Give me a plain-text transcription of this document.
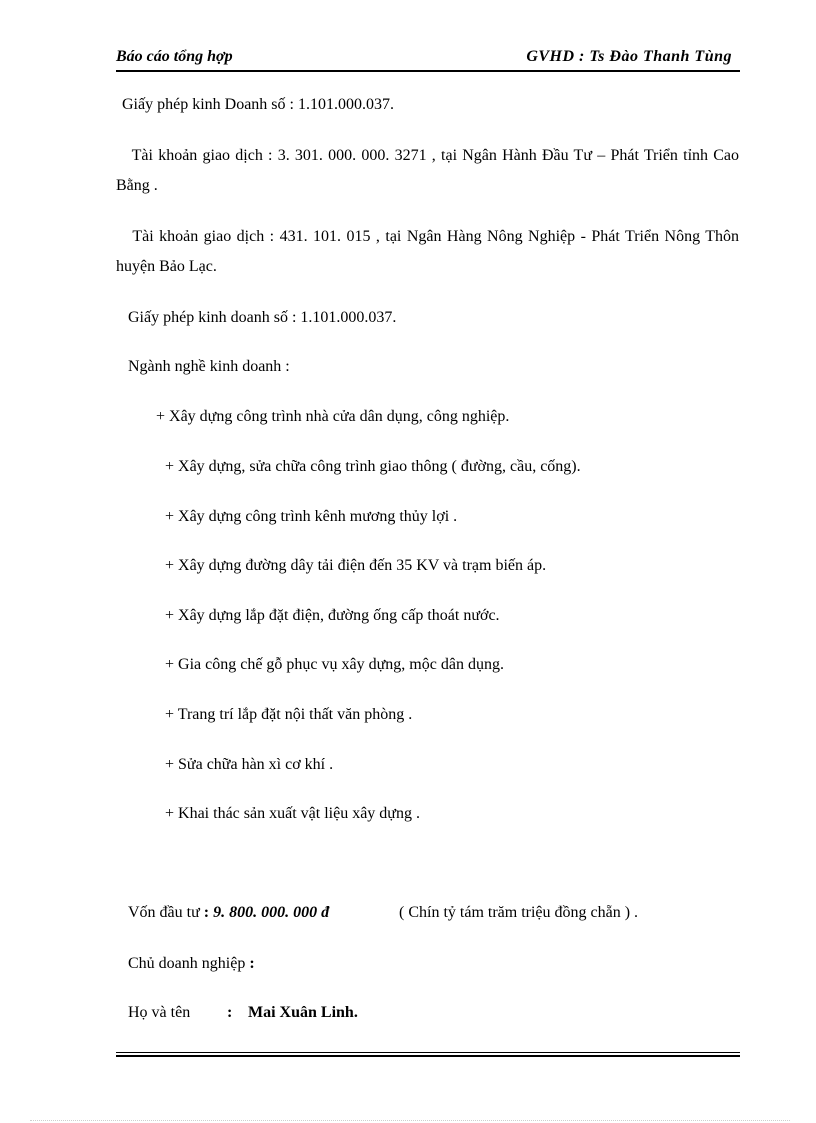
Báo cáo tổng hợp	GVHD : Ts Đào Thanh Tùng
Giấy phép kinh Doanh số : 1.101.000.037.
Tài khoản giao dịch : 3. 301. 000. 000. 3271 , tại Ngân Hành Đầu Tư – Phát Triển tỉnh Cao Bằng .
Tài khoản giao dịch : 431. 101. 015 , tại Ngân Hàng Nông Nghiệp - Phát Triển Nông Thôn huyện Bảo Lạc.
Giấy phép kinh doanh số : 1.101.000.037.
Ngành nghề kinh doanh :
+ Xây dựng công trình nhà cửa dân dụng, công nghiệp.
+ Xây dựng, sửa chữa công trình giao thông ( đường, cầu, cống).
+ Xây dựng công trình kênh mương thủy lợi .
+ Xây dựng đường dây tải điện đến 35 KV và trạm biến áp.
+ Xây dựng lắp đặt điện, đường ống cấp thoát nước.
+ Gia công chế gỗ phục vụ xây dựng, mộc dân dụng.
+ Trang trí lắp đặt nội thất văn phòng .
+ Sửa chữa hàn xì cơ khí .
+ Khai thác sản xuất vật liệu xây dựng .
Vốn đầu tư : 9. 800. 000. 000 đ	( Chín tỷ tám trăm triệu đồng chẵn ) .
Chủ doanh nghiệp :
Họ và tên : Mai Xuân Linh.
